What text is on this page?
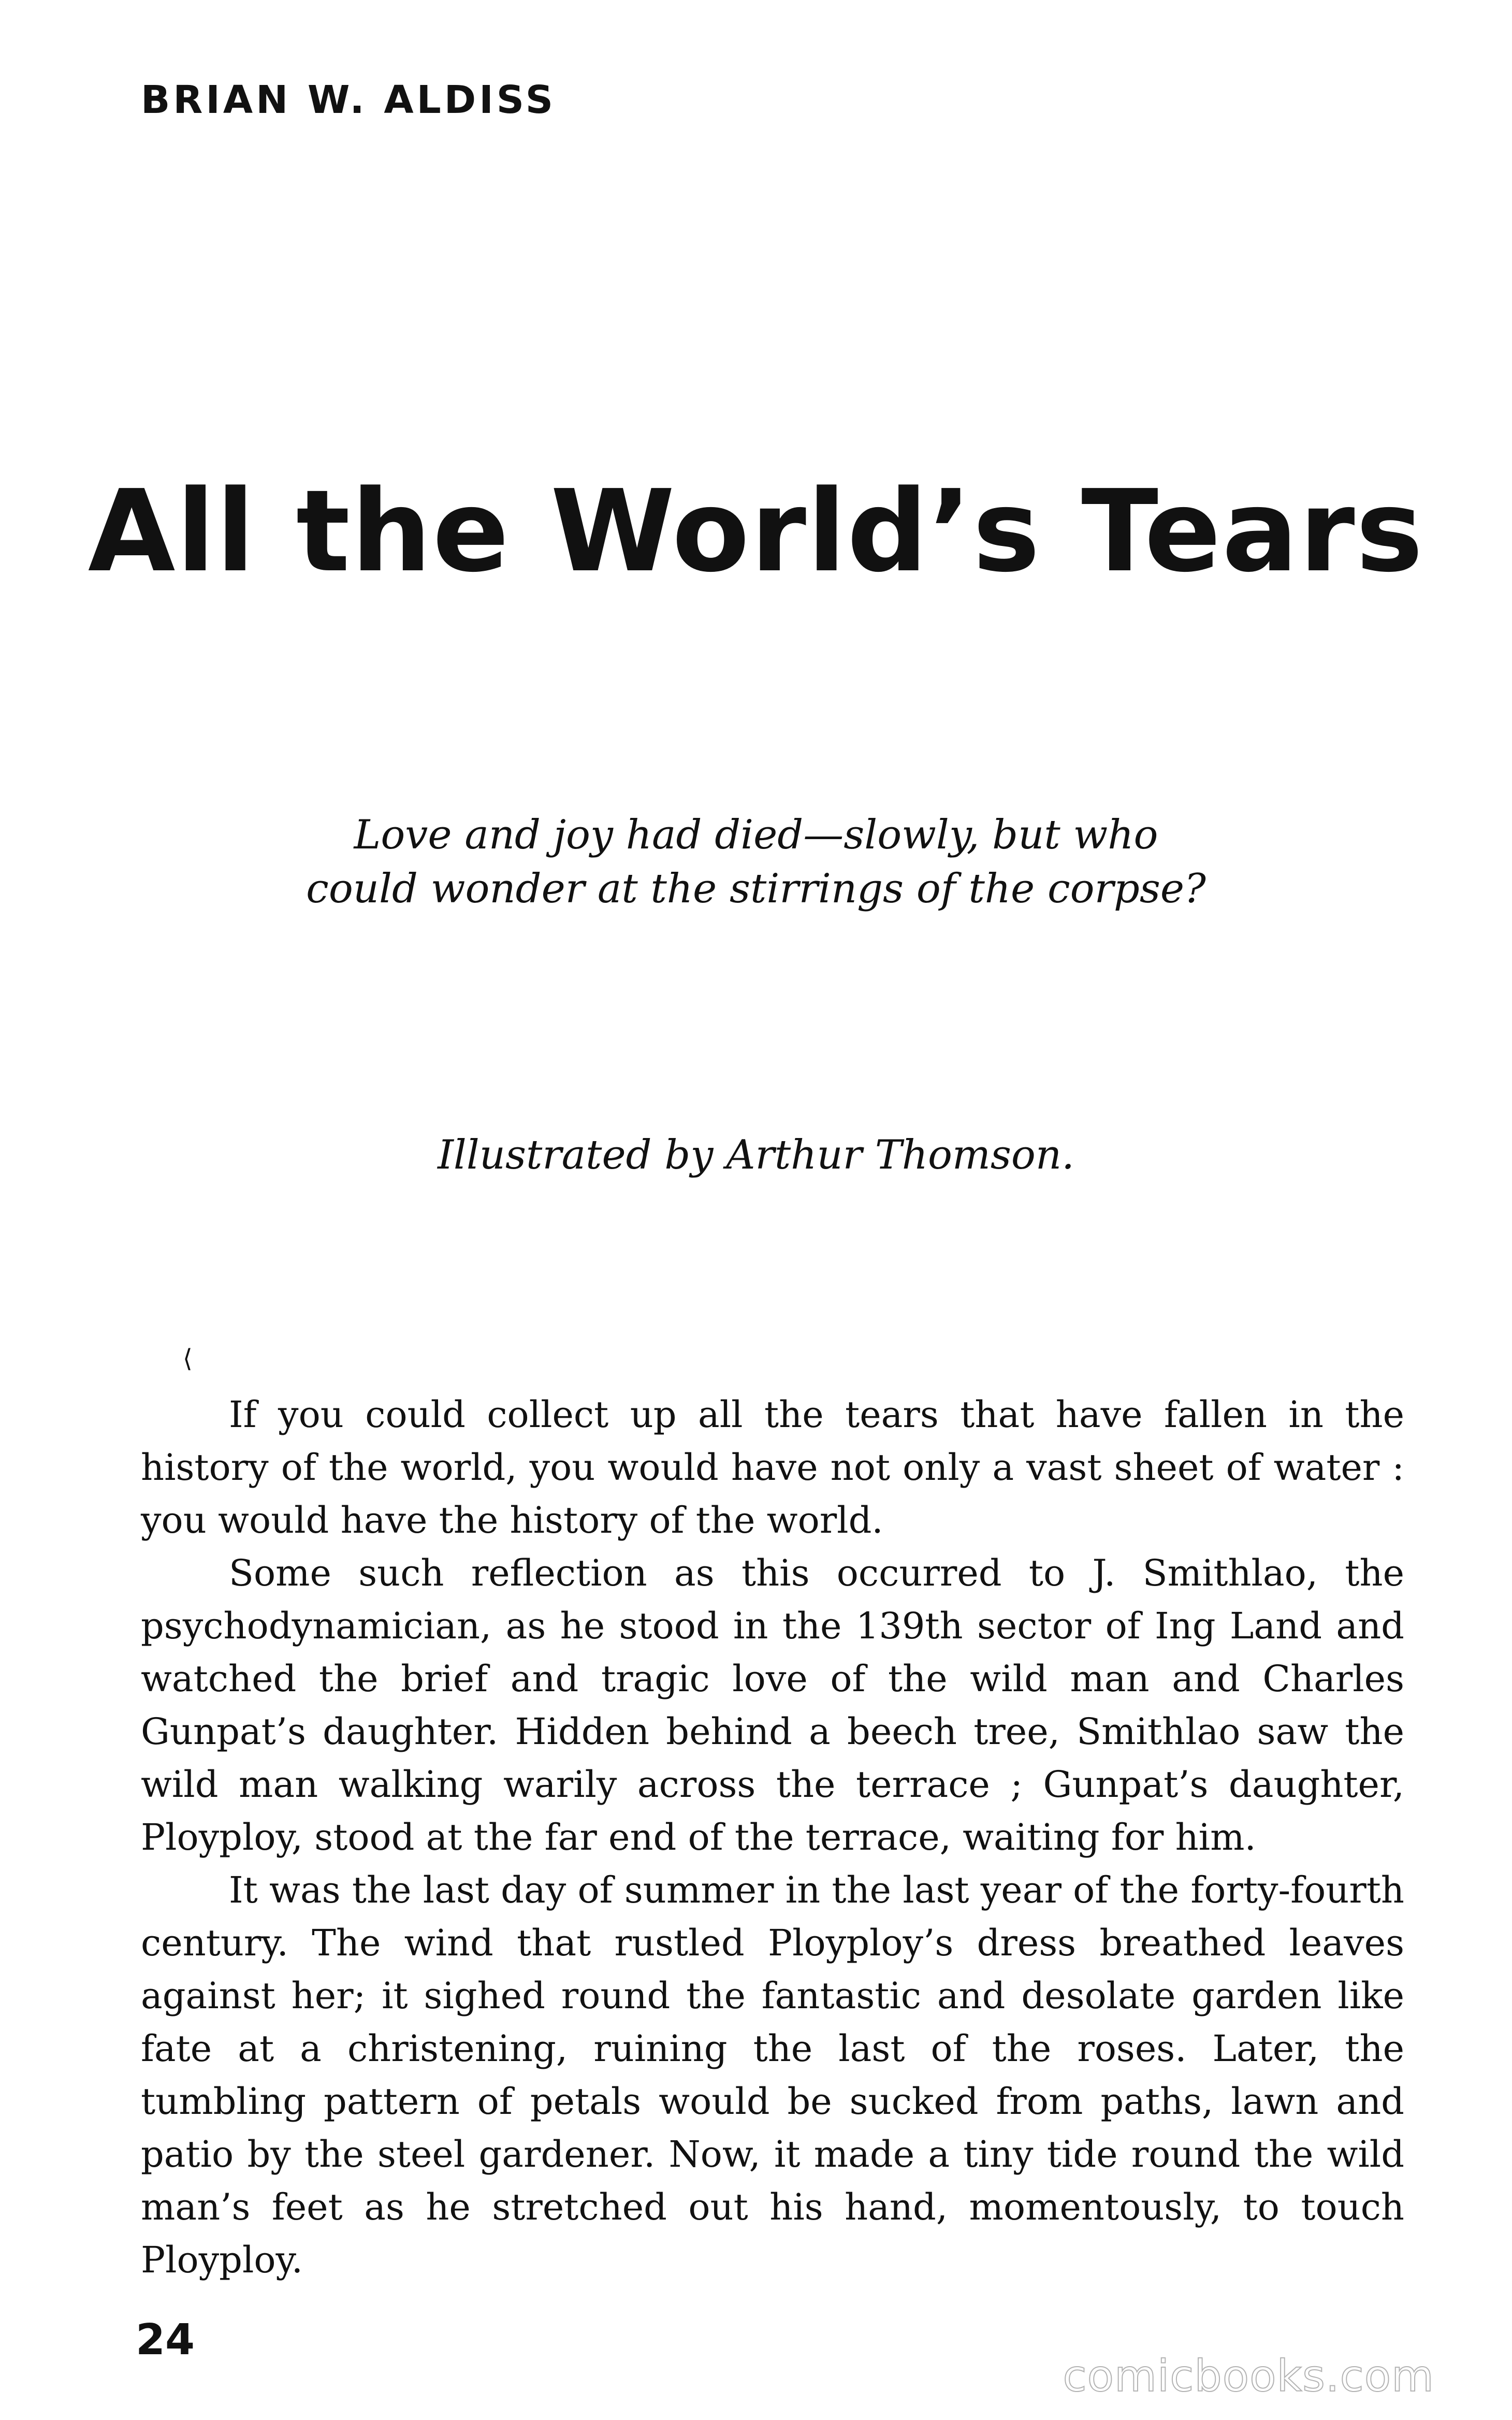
BRIAN W. ALDISS
All the World’s Tears
Love and joy had died—slowly, but who
could wonder at the stirrings of the corpse?
Illustrated by Arthur Thomson.
⟨

If you could collect up all the tears that have fallen in the history of the world, you would have not only a vast sheet of water : you would have the history of the world.

Some such reflection as this occurred to J. Smithlao, the psychodynamician, as he stood in the 139th sector of Ing Land and watched the brief and tragic love of the wild man and Charles Gunpat’s daughter. Hidden behind a beech tree, Smithlao saw the wild man walking warily across the terrace ; Gunpat’s daughter, Ployploy, stood at the far end of the terrace, waiting for him.

It was the last day of summer in the last year of the forty-fourth century. The wind that rustled Ployploy’s dress breathed leaves against her; it sighed round the fantastic and desolate garden like fate at a christening, ruining the last of the roses. Later, the tumbling pattern of petals would be sucked from paths, lawn and patio by the steel gardener. Now, it made a tiny tide round the wild man’s feet as he stretched out his hand, momentously, to touch Ployploy.

24
comicbooks.com
